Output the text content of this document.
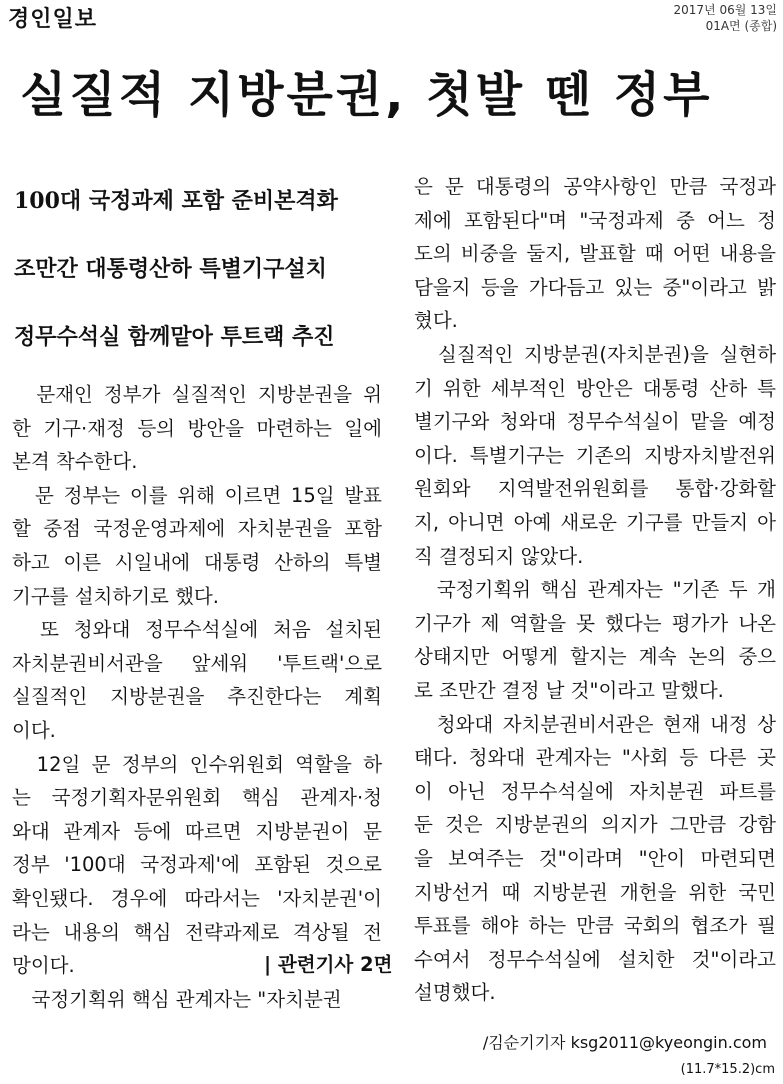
경인일보	2017년 06월 13일
01A면 (종합)
실질적 지방분권, 첫발 뗀 정부
100대 국정과제 포함 준비본격화
조만간 대통령산하 특별기구설치
정무수석실 함께맡아 투트랙 추진
　문재인 정부가 실질적인 지방분권을 위
한 기구·재정 등의 방안을 마련하는 일에
본격 착수한다.
　문 정부는 이를 위해 이르면 15일 발표
할 중점 국정운영과제에 자치분권을 포함
하고 이른 시일내에 대통령 산하의 특별
기구를 설치하기로 했다.
　또 청와대 정무수석실에 처음 설치된
자치분권비서관을 앞세워 '투트랙'으로
실질적인 지방분권을 추진한다는 계획
이다.
　12일 문 정부의 인수위원회 역할을 하
는 국정기획자문위원회 핵심 관계자·청
와대 관계자 등에 따르면 지방분권이 문
정부 '100대 국정과제'에 포함된 것으로
확인됐다. 경우에 따라서는 '자치분권'이
라는 내용의 핵심 전략과제로 격상될 전
망이다.
　국정기획위 핵심 관계자는 "자치분권
은 문 대통령의 공약사항인 만큼 국정과
제에 포함된다"며 "국정과제 중 어느 정
도의 비중을 둘지, 발표할 때 어떤 내용을
담을지 등을 가다듬고 있는 중"이라고 밝
혔다.
　실질적인 지방분권(자치분권)을 실현하
기 위한 세부적인 방안은 대통령 산하 특
별기구와 청와대 정무수석실이 맡을 예정
이다. 특별기구는 기존의 지방자치발전위
원회와 지역발전위원회를 통합·강화할
지, 아니면 아예 새로운 기구를 만들지 아
직 결정되지 않았다.
　국정기획위 핵심 관계자는 "기존 두 개
기구가 제 역할을 못 했다는 평가가 나온
상태지만 어떻게 할지는 계속 논의 중으
로 조만간 결정 날 것"이라고 말했다.
　청와대 자치분권비서관은 현재 내정 상
태다. 청와대 관계자는 "사회 등 다른 곳
이 아닌 정무수석실에 자치분권 파트를
둔 것은 지방분권의 의지가 그만큼 강함
을 보여주는 것"이라며 "안이 마련되면
지방선거 때 지방분권 개헌을 위한 국민
투표를 해야 하는 만큼 국회의 협조가 필
수여서 정무수석실에 설치한 것"이라고
설명했다.
| 관련기사 2면
/김순기기자 ksg2011@kyeongin.com
(11.7*15.2)cm
